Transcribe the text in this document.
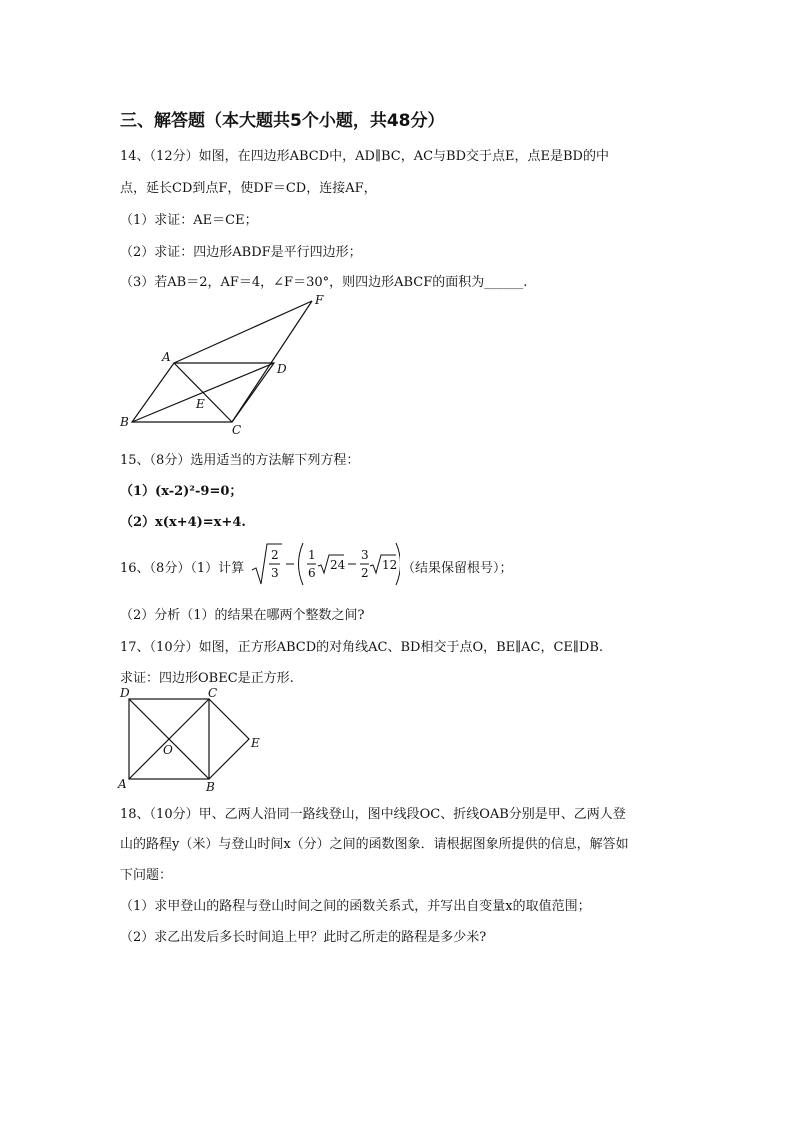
三、解答题（本大题共5个小题，共48分）
14、（12分）如图，在四边形ABCD中，AD∥BC，AC与BD交于点E，点E是BD的中
点，延长CD到点F，使DF＝CD，连接AF，
（1）求证：AE＝CE；
（2）求证：四边形ABDF是平行四边形；
（3）若AB＝2，AF＝4，∠F＝30°，则四边形ABCF的面积为______.
A
B
C
D
E
F
15、（8分）选用适当的方法解下列方程：
（1）(x-2)²-9=0；
（2）x(x+4)=x+4.
16、（8分）（1）计算
2
3
1
6
24
3
2
12 （结果保留根号）；
（2）分析（1）的结果在哪两个整数之间?
17、（10分）如图，正方形ABCD的对角线AC、BD相交于点O，BE∥AC，CE∥DB.
求证：四边形OBEC是正方形.
D	C
A	B
E
O
18、（10分）甲、乙两人沿同一路线登山，图中线段OC、折线OAB分别是甲、乙两人登
山的路程y（米）与登山时间x（分）之间的函数图象．请根据图象所提供的信息，解答如
下问题：
（1）求甲登山的路程与登山时间之间的函数关系式，并写出自变量x的取值范围；
（2）求乙出发后多长时间追上甲？此时乙所走的路程是多少米?
